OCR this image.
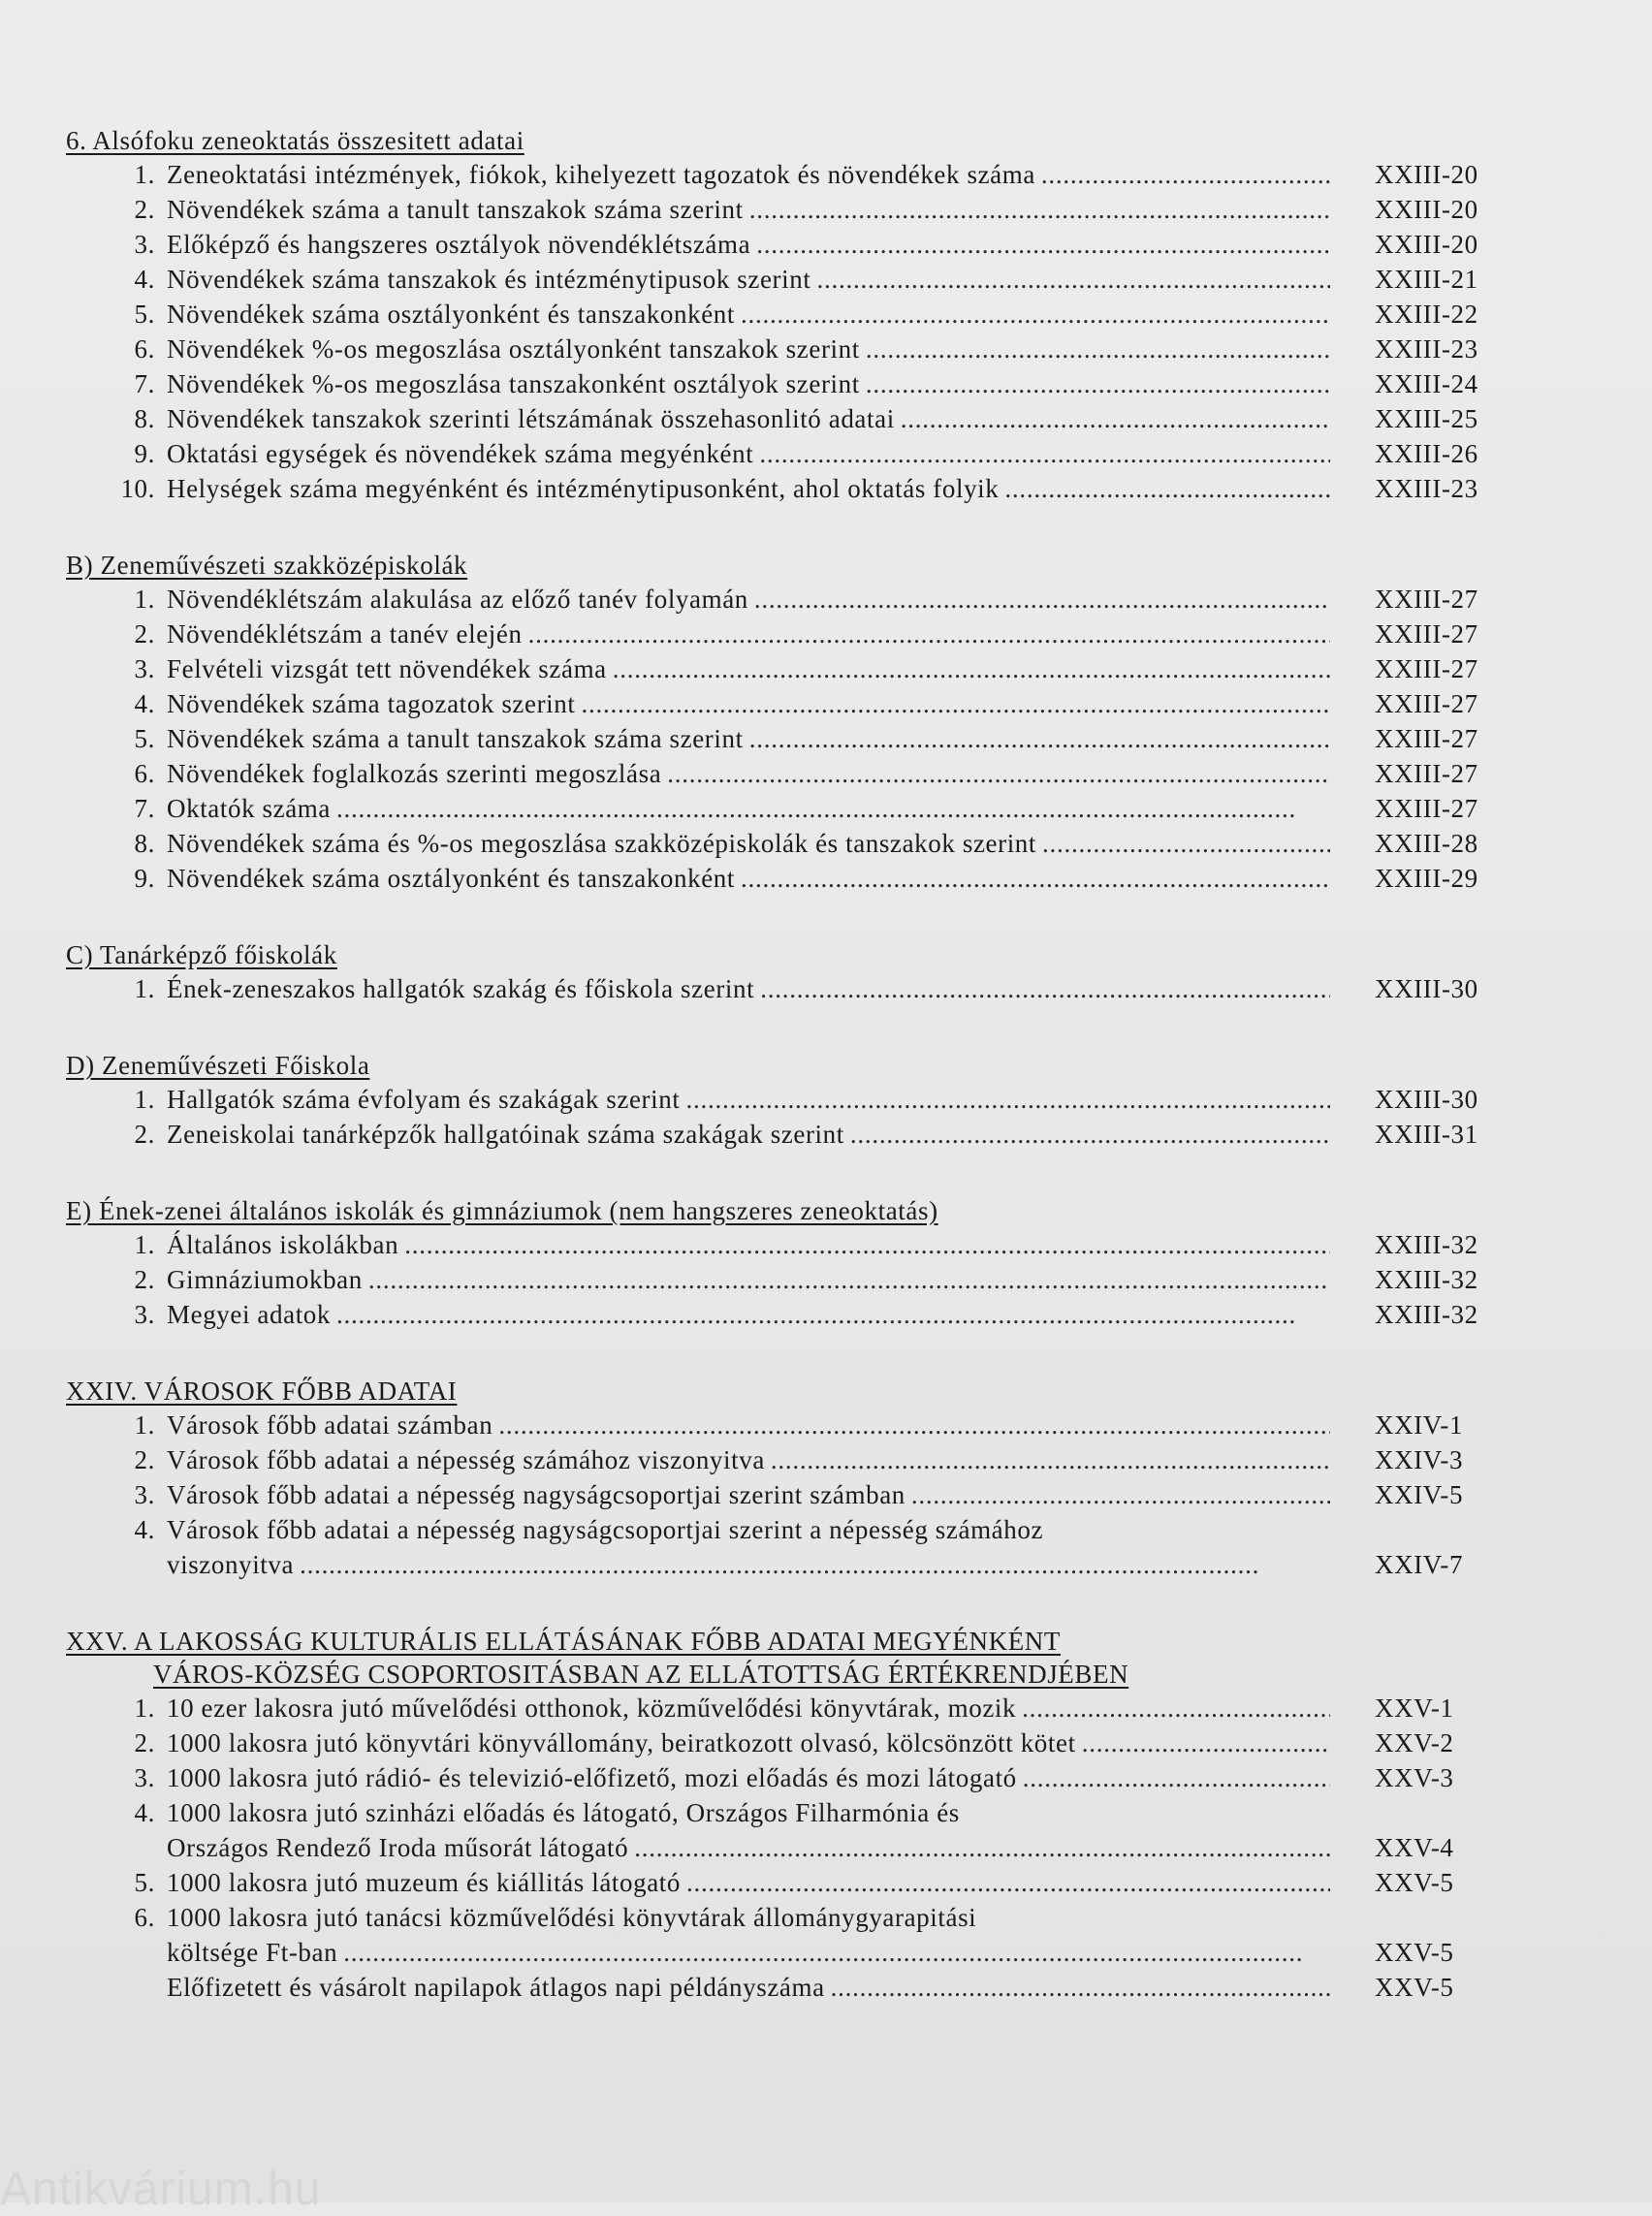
6. Alsófoku zeneoktatás összesitett adatai
1. Zeneoktatási intézmények, fiókok, kihelyezett tagozatok és növendékek száma . . .	XXIII-20
2. Növendékek száma a tanult tanszakok száma szerint . . .	XXIII-20
3. Előképző és hangszeres osztályok növendéklétszáma . . .	XXIII-20
4. Növendékek száma tanszakok és intézménytipusok szerint . . .	XXIII-21
5. Növendékek száma osztályonként és tanszakonként . . .	XXIII-22
6. Növendékek %-os megoszlása osztályonként tanszakok szerint . . .	XXIII-23
7. Növendékek %-os megoszlása tanszakonként osztályok szerint . . .	XXIII-24
8. Növendékek tanszakok szerinti létszámának összehasonlitó adatai . . .	XXIII-25
9. Oktatási egységek és növendékek száma megyénként . . .	XXIII-26
10. Helységek száma megyénként és intézménytipusonként, ahol oktatás folyik . . .	XXIII-23
B) Zeneművészeti szakközépiskolák
1. Növendéklétszám alakulása az előző tanév folyamán . . .	XXIII-27
2. Növendéklétszám a tanév elején . . .	XXIII-27
3. Felvételi vizsgát tett növendékek száma . . .	XXIII-27
4. Növendékek száma tagozatok szerint . . .	XXIII-27
5. Növendékek száma a tanult tanszakok száma szerint . . .	XXIII-27
6. Növendékek foglalkozás szerinti megoszlása . . .	XXIII-27
7. Oktatók száma . . .	XXIII-27
8. Növendékek száma és %-os megoszlása szakközépiskolák és tanszakok szerint . . .	XXIII-28
9. Növendékek száma osztályonként és tanszakonként . . .	XXIII-29
C) Tanárképző főiskolák
1. Ének-zeneszakos hallgatók szakág és főiskola szerint . . .	XXIII-30
D) Zeneművészeti Főiskola
1. Hallgatók száma évfolyam és szakágak szerint . . .	XXIII-30
2. Zeneiskolai tanárképzők hallgatóinak száma szakágak szerint . . .	XXIII-31
E) Ének-zenei általános iskolák és gimnáziumok (nem hangszeres zeneoktatás)
1. Általános iskolákban . . .	XXIII-32
2. Gimnáziumokban . . .	XXIII-32
3. Megyei adatok . . .	XXIII-32
XXIV. VÁROSOK FŐBB ADATAI
1. Városok főbb adatai számban . . .	XXIV-1
2. Városok főbb adatai a népesség számához viszonyitva . . .	XXIV-3
3. Városok főbb adatai a népesség nagyságcsoportjai szerint számban . . .	XXIV-5
4. Városok főbb adatai a népesség nagyságcsoportjai szerint a népesség számához
viszonyitva . . .	XXIV-7
XXV. A LAKOSSÁG KULTURÁLIS ELLÁTÁSÁNAK FŐBB ADATAI MEGYÉNKÉNT
VÁROS-KÖZSÉG CSOPORTOSITÁSBAN AZ ELLÁTOTTSÁG ÉRTÉKRENDJÉBEN
1. 10 ezer lakosra jutó művelődési otthonok, közművelődési könyvtárak, mozik . . .	XXV-1
2. 1000 lakosra jutó könyvtári könyvállomány, beiratkozott olvasó, kölcsönzött kötet . . .	XXV-2
3. 1000 lakosra jutó rádió- és televizió-előfizető, mozi előadás és mozi látogató . . .	XXV-3
4. 1000 lakosra jutó szinházi előadás és látogató, Országos Filharmónia és
Országos Rendező Iroda műsorát látogató . . .	XXV-4
5. 1000 lakosra jutó muzeum és kiállitás látogató . . .	XXV-5
6. 1000 lakosra jutó tanácsi közművelődési könyvtárak állománygyarapitási
költsége Ft-ban . . .	XXV-5
Előfizetett és vásárolt napilapok átlagos napi példányszáma . . .	XXV-5
Antikvárium.hu
